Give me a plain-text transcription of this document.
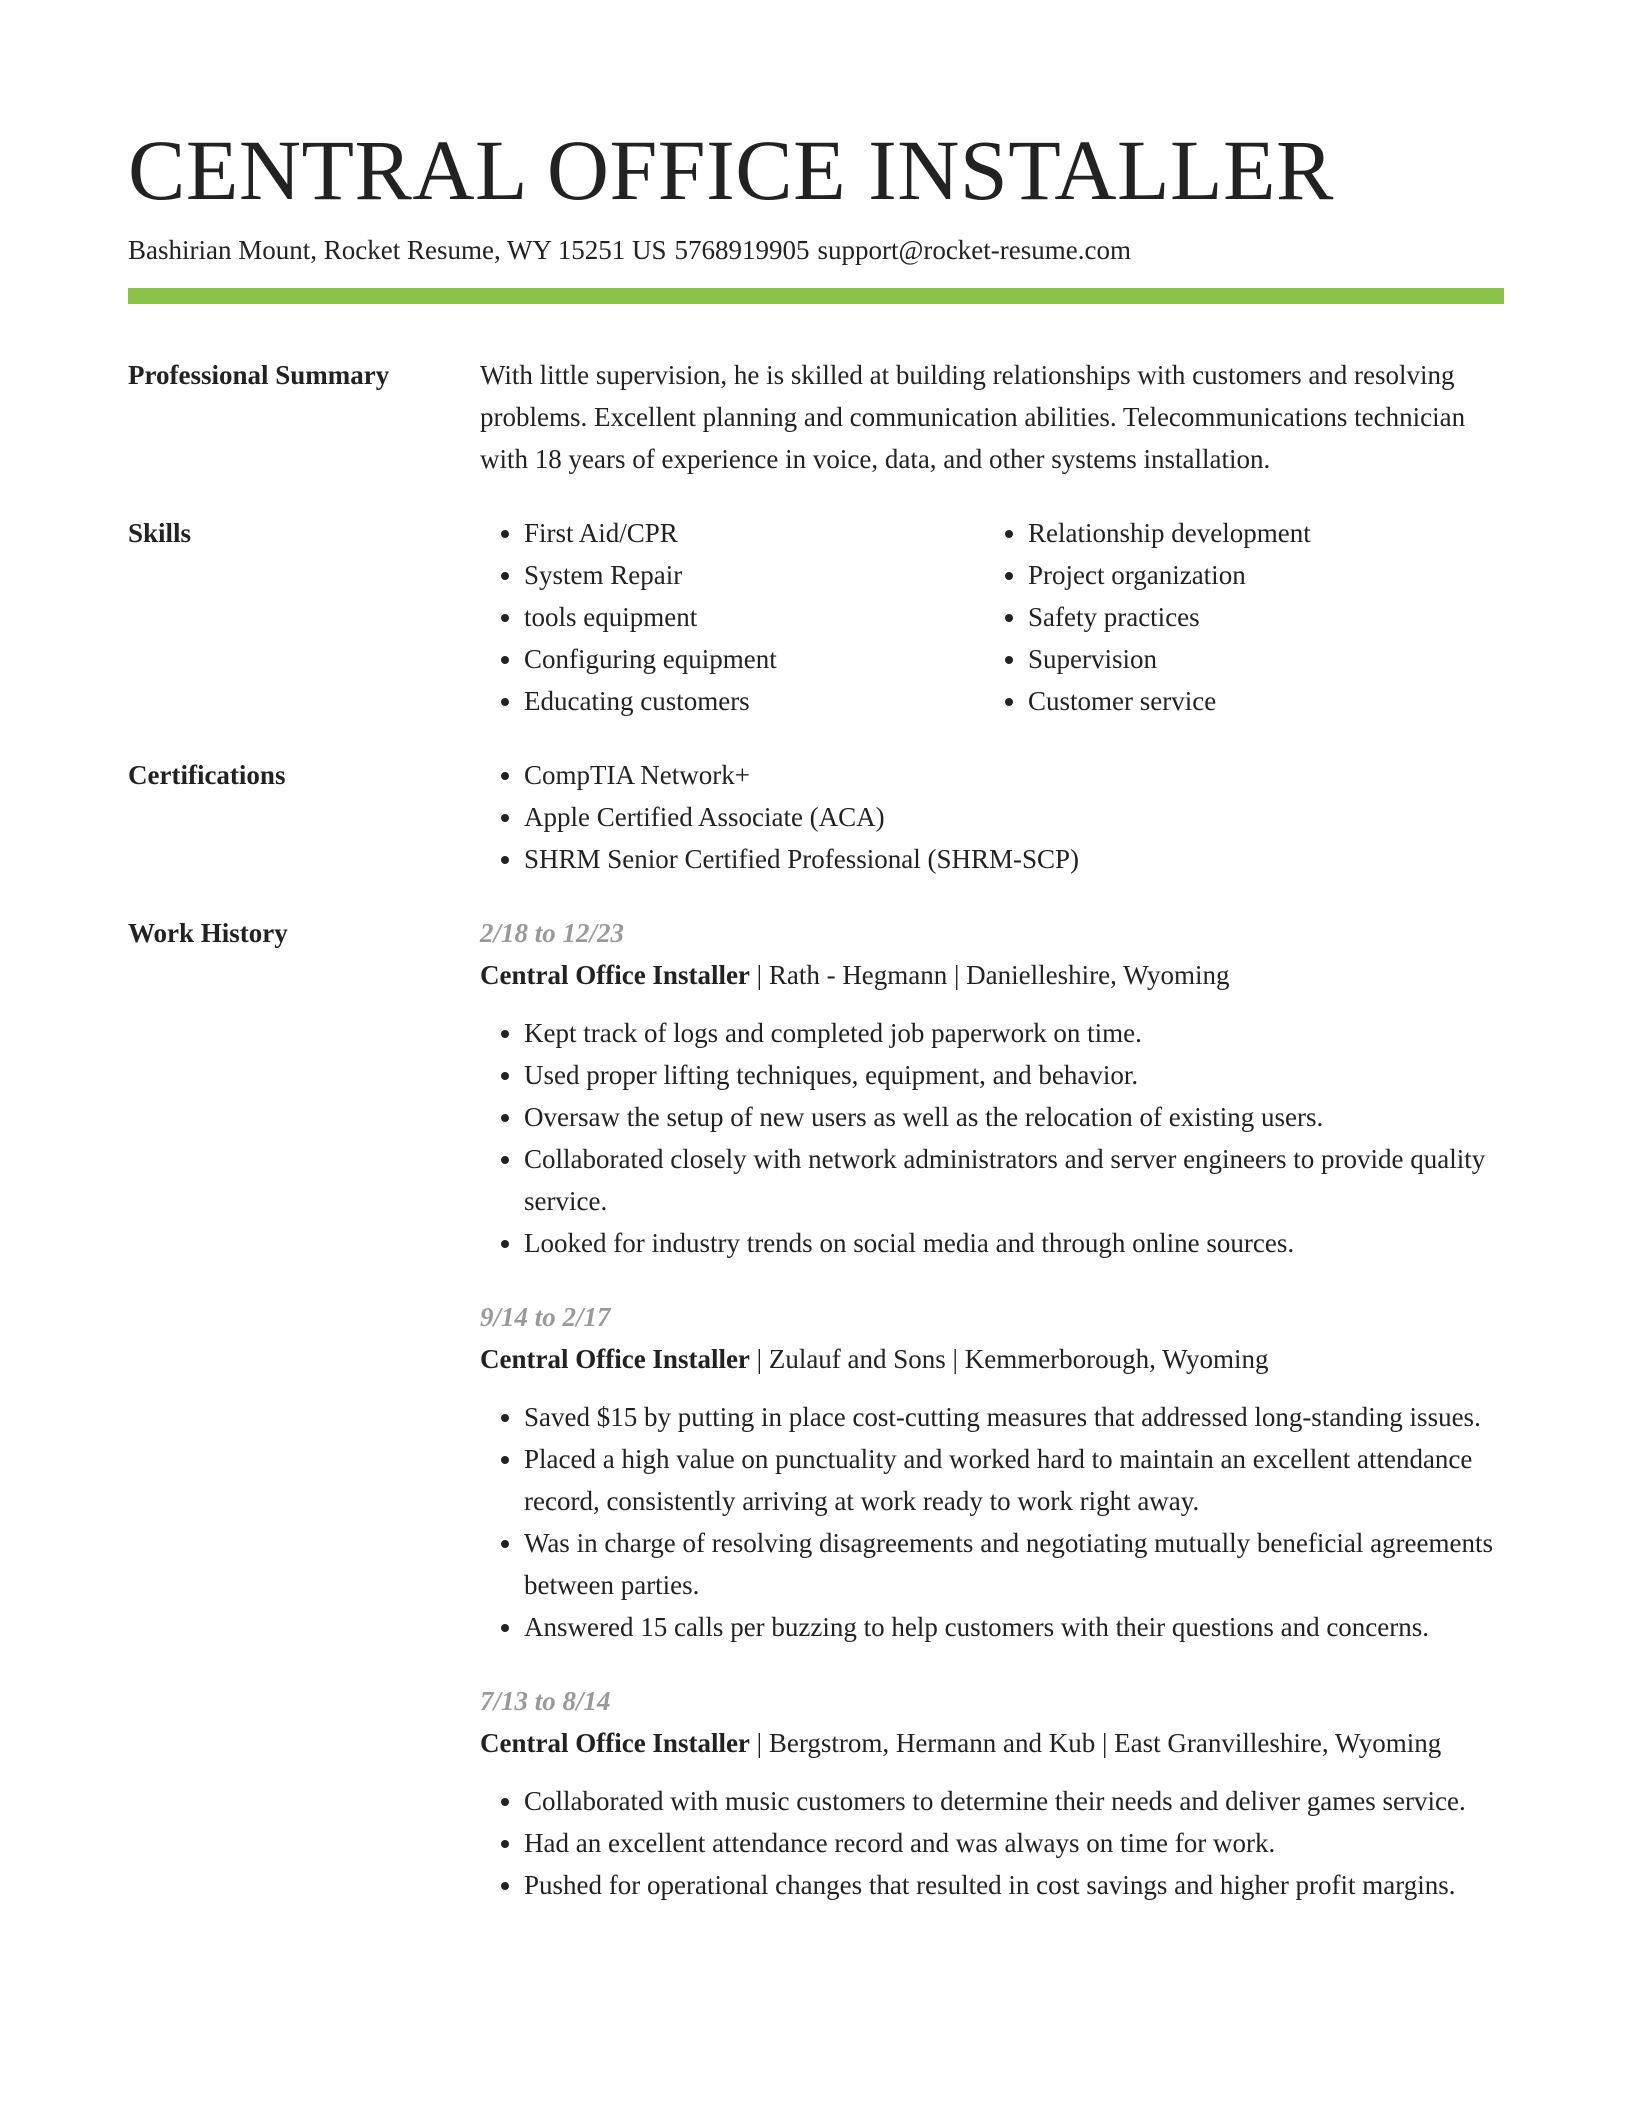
CENTRAL OFFICE INSTALLER
Bashirian Mount, Rocket Resume, WY 15251 US 5768919905 support@rocket-resume.com
Professional Summary	With little supervision, he is skilled at building relationships with customers and resolving problems. Excellent planning and communication abilities. Telecommunications technician with 18 years of experience in voice, data, and other systems installation.
Skills	• First Aid/CPR
• System Repair
• tools equipment
• Configuring equipment
• Educating customers
• Relationship development
• Project organization
• Safety practices
• Supervision
• Customer service
Certifications	• CompTIA Network+
• Apple Certified Associate (ACA)
• SHRM Senior Certified Professional (SHRM-SCP)
Work History	2/18 to 12/23
Central Office Installer | Rath - Hegmann | Danielleshire, Wyoming
• Kept track of logs and completed job paperwork on time.
• Used proper lifting techniques, equipment, and behavior.
• Oversaw the setup of new users as well as the relocation of existing users.
• Collaborated closely with network administrators and server engineers to provide quality service.
• Looked for industry trends on social media and through online sources.
9/14 to 2/17
Central Office Installer | Zulauf and Sons | Kemmerborough, Wyoming
• Saved $15 by putting in place cost-cutting measures that addressed long-standing issues.
• Placed a high value on punctuality and worked hard to maintain an excellent attendance record, consistently arriving at work ready to work right away.
• Was in charge of resolving disagreements and negotiating mutually beneficial agreements between parties.
• Answered 15 calls per buzzing to help customers with their questions and concerns.
7/13 to 8/14
Central Office Installer | Bergstrom, Hermann and Kub | East Granvilleshire, Wyoming
• Collaborated with music customers to determine their needs and deliver games service.
• Had an excellent attendance record and was always on time for work.
• Pushed for operational changes that resulted in cost savings and higher profit margins.
